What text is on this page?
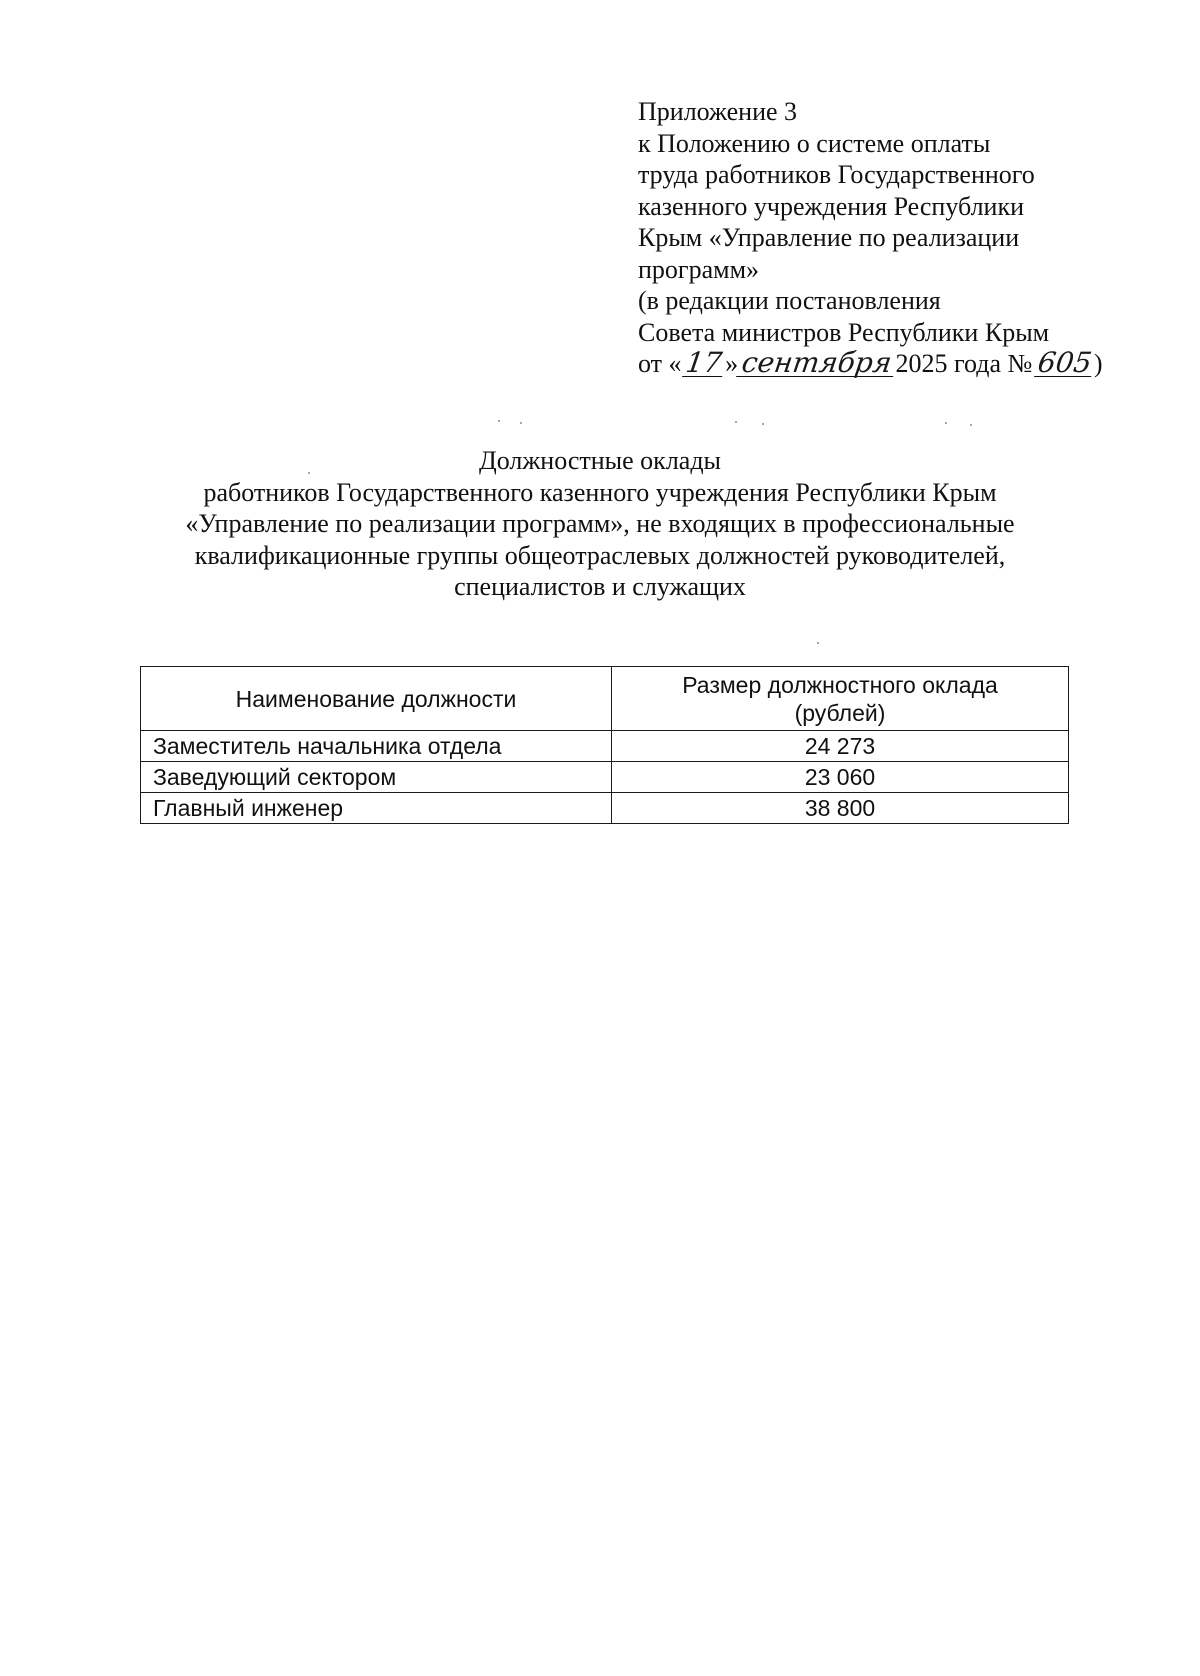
Приложение 3
к Положению о системе оплаты
труда работников Государственного
казенного учреждения Республики
Крым «Управление по реализации
программ»
(в редакции постановления
Совета министров Республики Крым
от «17»сентября2025 года № 605)
Должностные оклады
работников Государственного казенного учреждения Республики Крым
«Управление по реализации программ», не входящих в профессиональные
квалификационные группы общеотраслевых должностей руководителей,
специалистов и служащих
Наименование должности	Размер должностного оклада
(рублей)
Заместитель начальника отдела	24 273
Заведующий сектором	23 060
Главный инженер	38 800
